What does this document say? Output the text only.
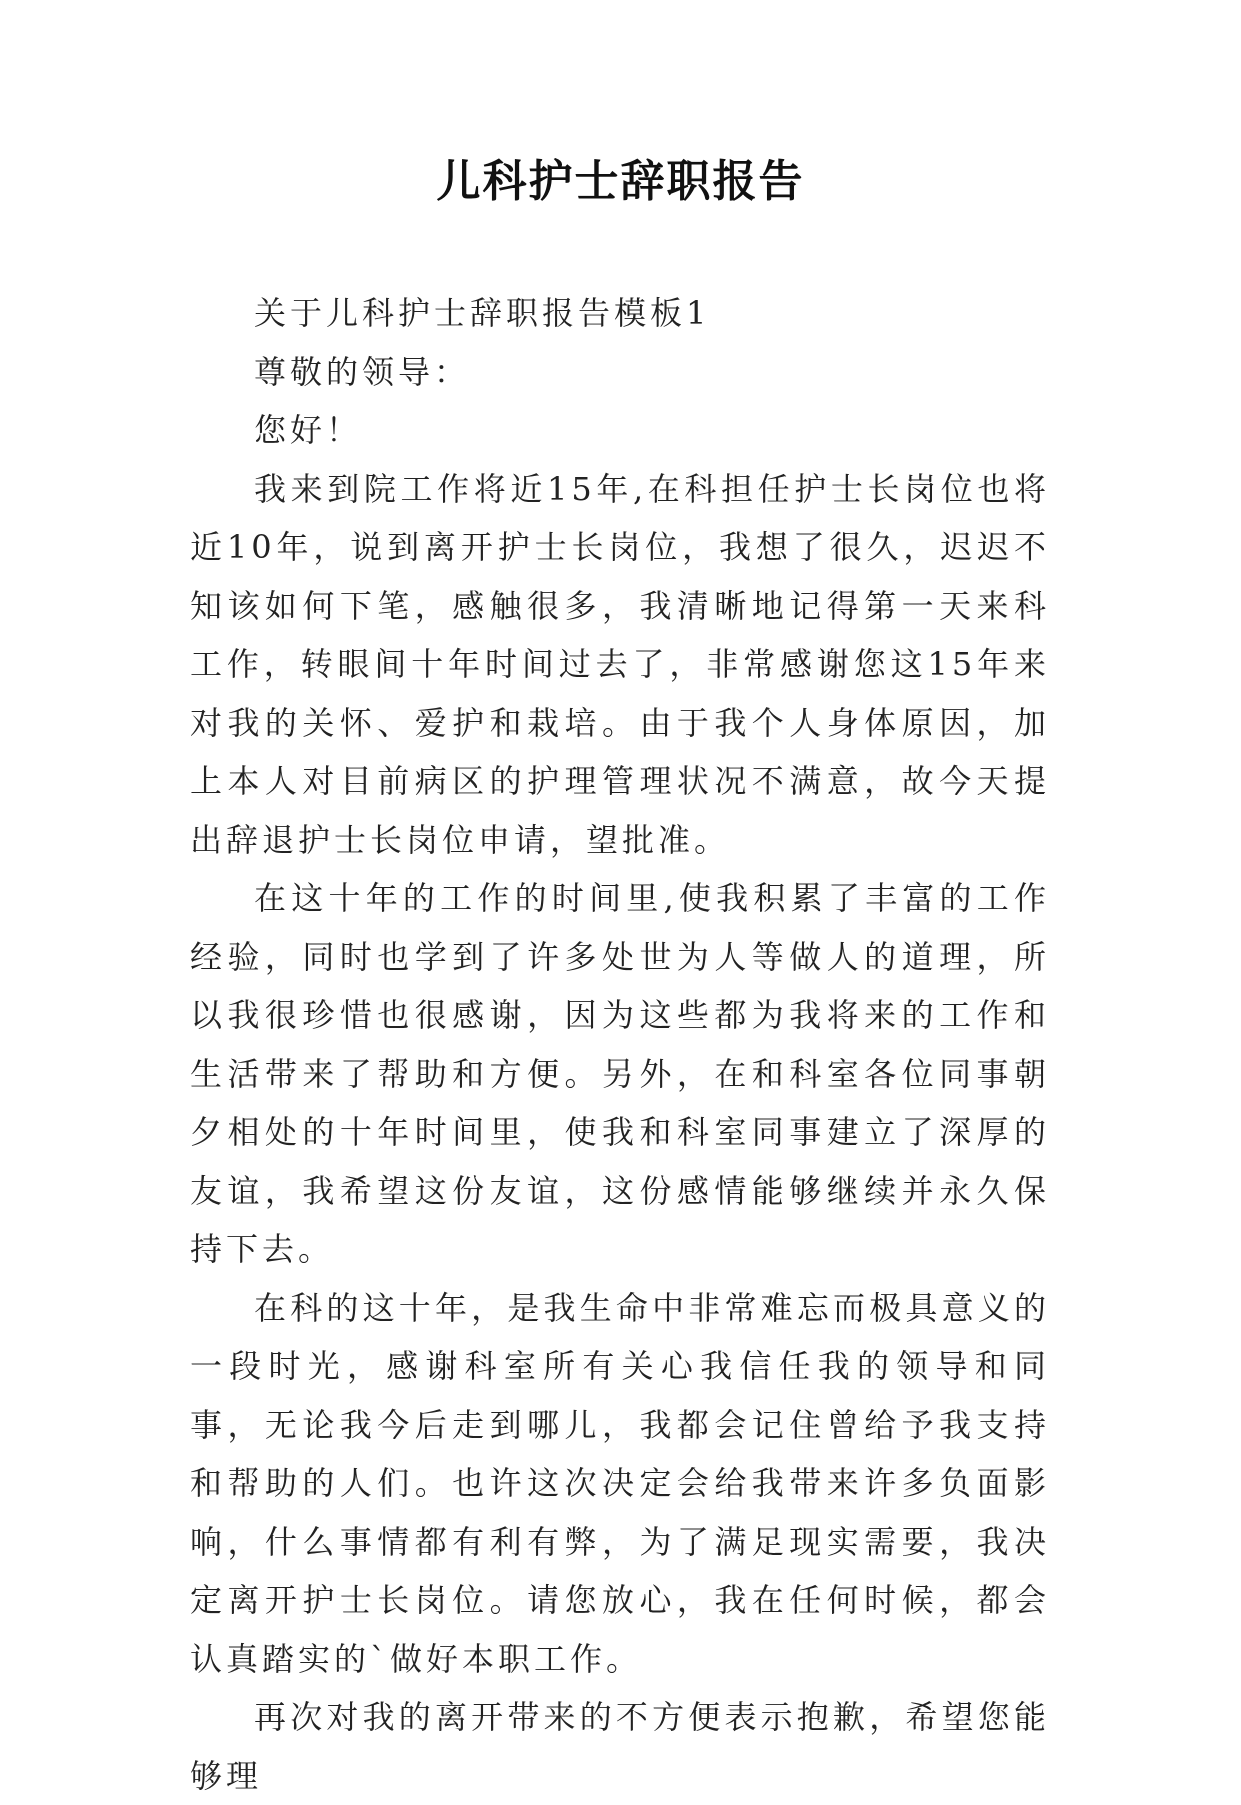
儿科护士辞职报告

关于儿科护士辞职报告模板1

尊敬的领导：

您好！

我来到院工作将近15年,在科担任护士长岗位也将近10年，说到离开护士长岗位，我想了很久，迟迟不知该如何下笔，感触很多，我清晰地记得第一天来科工作，转眼间十年时间过去了，非常感谢您这15年来对我的关怀、爱护和栽培。由于我个人身体原因，加上本人对目前病区的护理管理状况不满意，故今天提出辞退护士长岗位申请，望批准。

在这十年的工作的时间里,使我积累了丰富的工作经验，同时也学到了许多处世为人等做人的道理，所以我很珍惜也很感谢，因为这些都为我将来的工作和生活带来了帮助和方便。另外，在和科室各位同事朝夕相处的十年时间里，使我和科室同事建立了深厚的友谊，我希望这份友谊，这份感情能够继续并永久保持下去。

在科的这十年，是我生命中非常难忘而极具意义的一段时光，感谢科室所有关心我信任我的领导和同事，无论我今后走到哪儿，我都会记住曾给予我支持和帮助的人们。也许这次决定会给我带来许多负面影响，什么事情都有利有弊，为了满足现实需要，我决定离开护士长岗位。请您放心，我在任何时候，都会认真踏实的`做好本职工作。

再次对我的离开带来的不方便表示抱歉，希望您能够理
